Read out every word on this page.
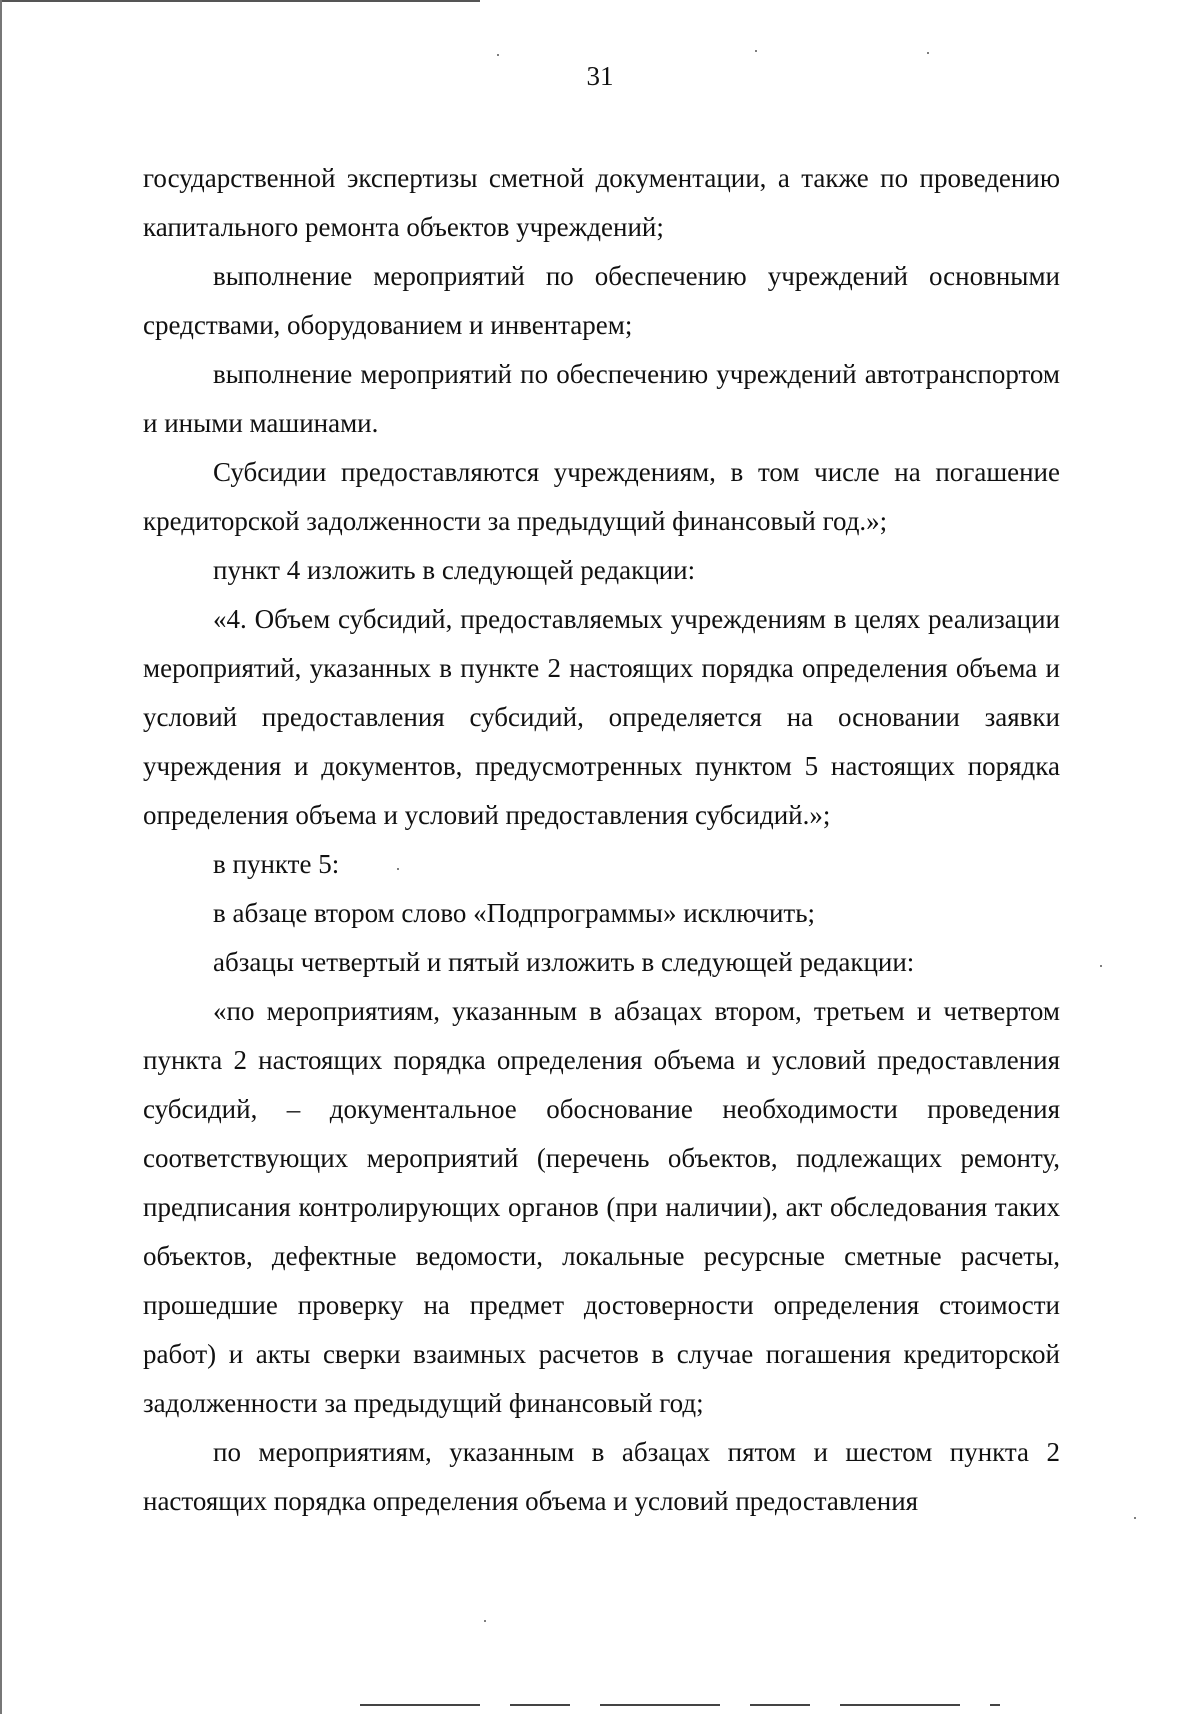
31

государственной экспертизы сметной документации, а также по проведению капитального ремонта объектов учреждений;

выполнение мероприятий по обеспечению учреждений основными средствами, оборудованием и инвентарем;

выполнение мероприятий по обеспечению учреждений автотранспортом и иными машинами.

Субсидии предоставляются учреждениям, в том числе на погашение кредиторской задолженности за предыдущий финансовый год.»;

пункт 4 изложить в следующей редакции:

«4. Объем субсидий, предоставляемых учреждениям в целях реализации мероприятий, указанных в пункте 2 настоящих порядка определения объема и условий предоставления субсидий, определяется на основании заявки учреждения и документов, предусмотренных пунктом 5 настоящих порядка определения объема и условий предоставления субсидий.»;

в пункте 5:

в абзаце втором слово «Подпрограммы» исключить;

абзацы четвертый и пятый изложить в следующей редакции:

«по мероприятиям, указанным в абзацах втором, третьем и четвертом пункта 2 настоящих порядка определения объема и условий предоставления субсидий, – документальное обоснование необходимости проведения соответствующих мероприятий (перечень объектов, подлежащих ремонту, предписания контролирующих органов (при наличии), акт обследования таких объектов, дефектные ведомости, локальные ресурсные сметные расчеты, прошедшие проверку на предмет достоверности определения стоимости работ) и акты сверки взаимных расчетов в случае погашения кредиторской задолженности за предыдущий финансовый год;

по мероприятиям, указанным в абзацах пятом и шестом пункта 2 настоящих порядка определения объема и условий предоставления
